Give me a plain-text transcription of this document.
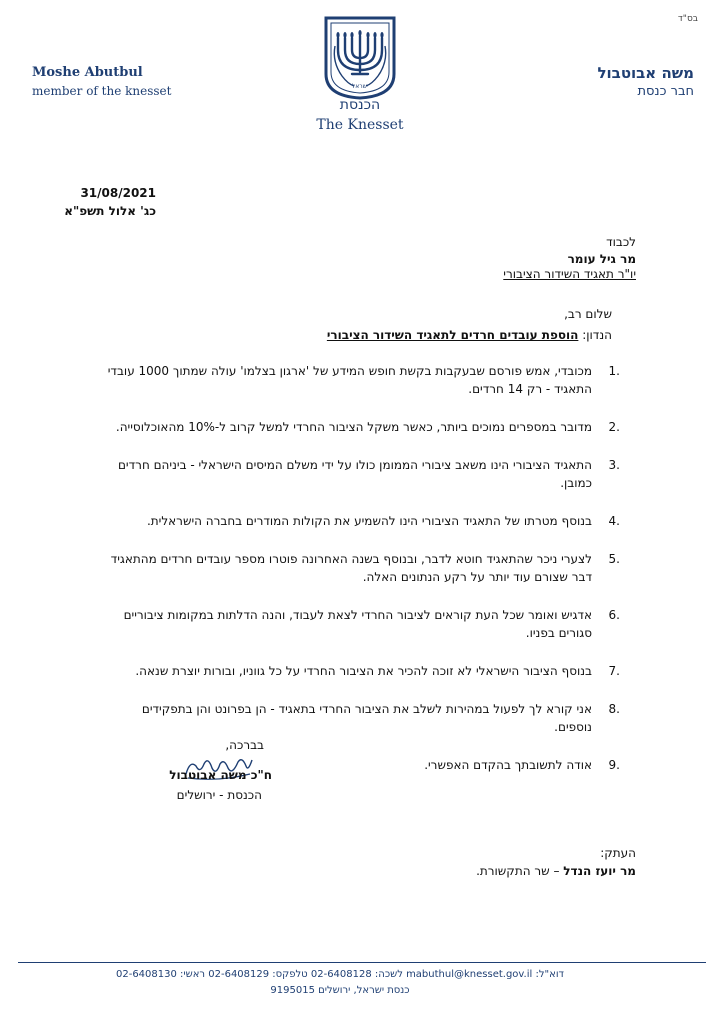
בס"ד
Moshe Abutbul
member of the knesset
משה אבוטבול
חבר כנסת
ישראל
הכנסת
The Knesset
31/08/2021
כג' אלול תשפ"א
לכבוד
מר גיל עומר
יו"ר תאגיד השידור הציבורי
שלום רב,
הנדון: הוספת עובדים חרדים לתאגיד השידור הציבורי
1.
מכובדי, אמש פורסם שבעקבות בקשת חופש המידע של 'ארגון בצלמו' עולה שמתוך 1000 עובדי התאגיד - רק 14 חרדים.
2.
מדובר במספרים נמוכים ביותר, כאשר משקל הציבור החרדי למשל קרוב ל-10% מהאוכלוסייה.
3.
התאגיד הציבורי הינו משאב ציבורי הממומן כולו על ידי משלם המיסים הישראלי - ביניהם חרדים כמובן.
4.
בנוסף מטרתו של התאגיד הציבורי הינו להשמיע את הקולות המודרים בחברה הישראלית.
5.
לצערי ניכר שהתאגיד חוטא לדבר, ובנוסף בשנה האחרונה פוטרו מספר עובדים חרדים מהתאגיד דבר שצורם עוד יותר על רקע הנתונים האלה.
6.
אדגיש ואומר שכל העת קוראים לציבור החרדי לצאת לעבוד, והנה הדלתות במקומות ציבוריים סגורים בפניו.
7.
בנוסף הציבור הישראלי לא זוכה להכיר את הציבור החרדי על כל גווניו, ובורות יוצרת שנאה.
8.
אני קורא לך לפעול במהירות לשלב את הציבור החרדי בתאגיד - הן בפרונט והן בתפקידים נוספים.
9.
אודה לתשובתך בהקדם האפשרי.
בברכה,
ח"כ משה אבוטבול
הכנסת - ירושלים
העתק:
מר יועז הנדל – שר התקשורת.
דוא"ל: mabuthul@knesset.gov.il לשכה: 02-6408128 טלפקס: 02-6408129 ראשי: 02-6408130
כנסת ישראל, ירושלים 9195015
